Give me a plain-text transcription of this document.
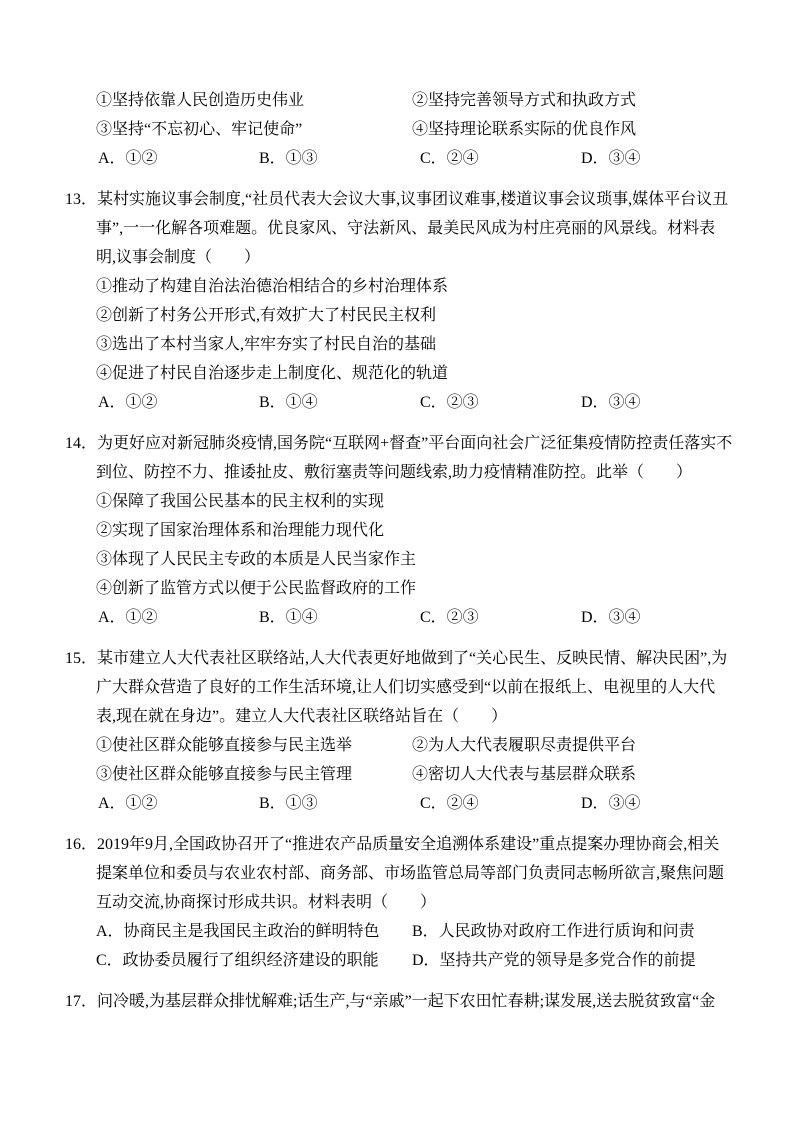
①坚持依靠人民创造历史伟业	②坚持完善领导方式和执政方式
③坚持“不忘初心、牢记使命”	④坚持理论联系实际的优良作风
A．①②	B．①③	C．②④	D．③④

13．某村实施议事会制度,“社员代表大会议大事,议事团议难事,楼道议事会议琐事,媒体平台议丑事”,一一化解各项难题。优良家风、守法新风、最美民风成为村庄亮丽的风景线。材料表明,议事会制度（　　）

①推动了构建自治法治德治相结合的乡村治理体系

②创新了村务公开形式,有效扩大了村民民主权利

③选出了本村当家人,牢牢夯实了村民自治的基础

④促进了村民自治逐步走上制度化、规范化的轨道

A．①②	B．①④	C．②③	D．③④

14．为更好应对新冠肺炎疫情,国务院“互联网+督查”平台面向社会广泛征集疫情防控责任落实不到位、防控不力、推诿扯皮、敷衍塞责等问题线索,助力疫情精准防控。此举（　　）

①保障了我国公民基本的民主权利的实现

②实现了国家治理体系和治理能力现代化

③体现了人民民主专政的本质是人民当家作主

④创新了监管方式以便于公民监督政府的工作

A．①②	B．①④	C．②③	D．③④

15．某市建立人大代表社区联络站,人大代表更好地做到了“关心民生、反映民情、解决民困”,为广大群众营造了良好的工作生活环境,让人们切实感受到“以前在报纸上、电视里的人大代表,现在就在身边”。建立人大代表社区联络站旨在（　　）

①使社区群众能够直接参与民主选举	②为人大代表履职尽责提供平台
③使社区群众能够直接参与民主管理	④密切人大代表与基层群众联系
A．①②	B．①③	C．②④	D．③④

16．2019年9月,全国政协召开了“推进农产品质量安全追溯体系建设”重点提案办理协商会,相关提案单位和委员与农业农村部、商务部、市场监管总局等部门负责同志畅所欲言,聚焦问题互动交流,协商探讨形成共识。材料表明（　　）

A．协商民主是我国民主政治的鲜明特色	B．人民政协对政府工作进行质询和问责
C．政协委员履行了组织经济建设的职能	D．坚持共产党的领导是多党合作的前提

17．问冷暖,为基层群众排忧解难;话生产,与“亲戚”一起下农田忙春耕;谋发展,送去脱贫致富“金
